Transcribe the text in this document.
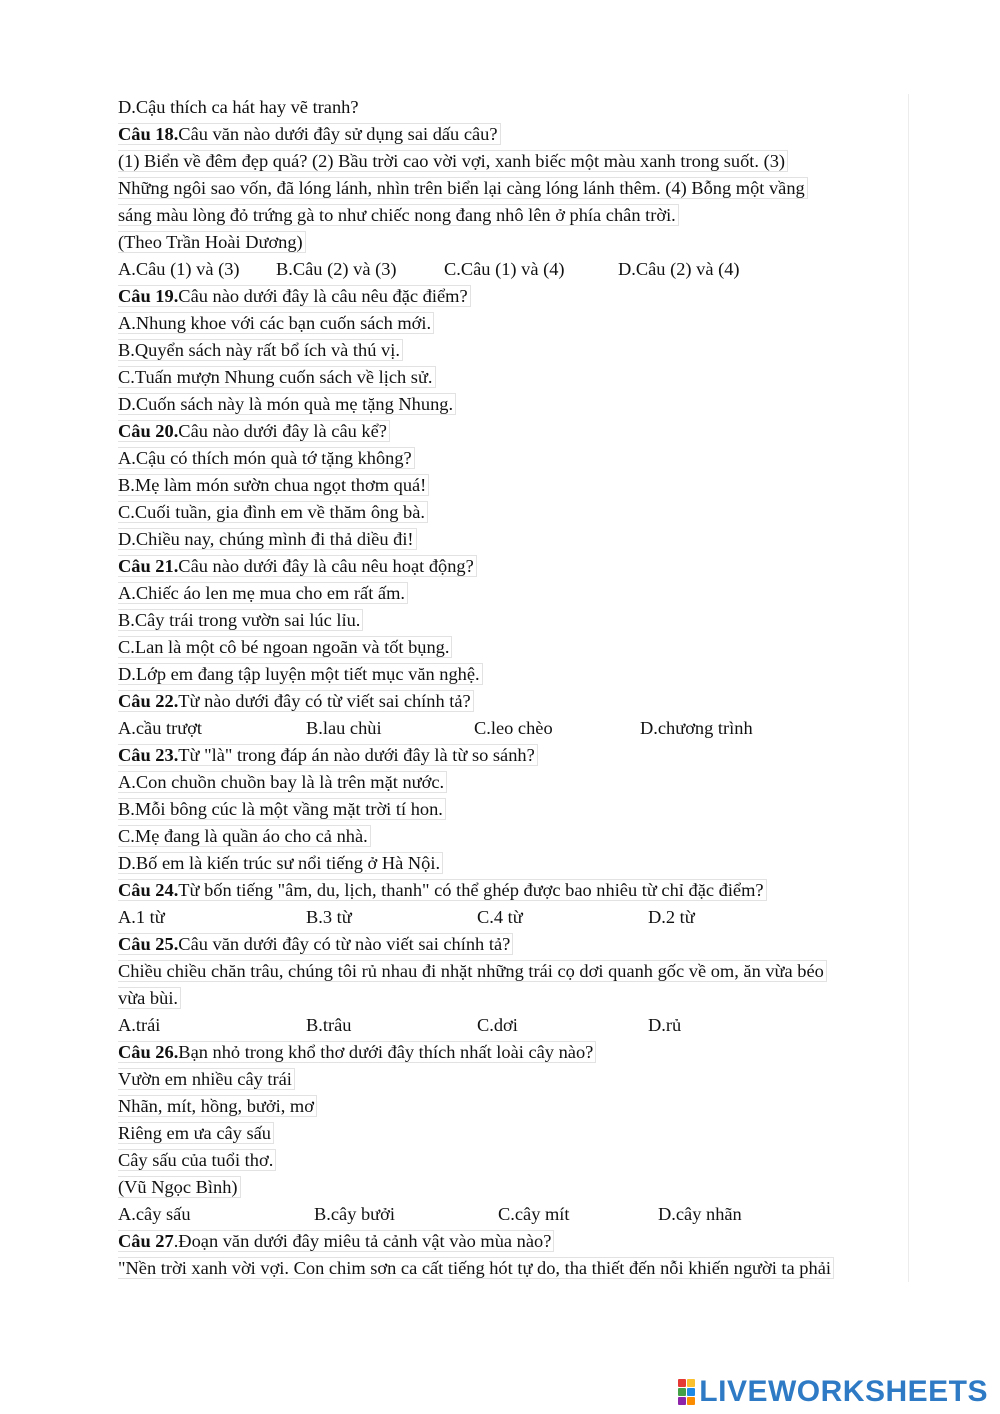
D.Cậu thích ca hát hay vẽ tranh?
Câu 18.Câu văn nào dưới đây sử dụng sai dấu câu?
(1) Biển về đêm đẹp quá? (2) Bầu trời cao vời vợi, xanh biếc một màu xanh trong suốt. (3)
Những ngôi sao vốn, đã lóng lánh, nhìn trên biển lại càng lóng lánh thêm. (4) Bỗng một vầng
sáng màu lòng đỏ trứng gà to như chiếc nong đang nhô lên ở phía chân trời.
(Theo Trần Hoài Dương)
A.Câu (1) và (3)	B.Câu (2) và (3)	C.Câu (1) và (4)	D.Câu (2) và (4)
Câu 19.Câu nào dưới đây là câu nêu đặc điểm?
A.Nhung khoe với các bạn cuốn sách mới.
B.Quyển sách này rất bổ ích và thú vị.
C.Tuấn mượn Nhung cuốn sách về lịch sử.
D.Cuốn sách này là món quà mẹ tặng Nhung.
Câu 20.Câu nào dưới đây là câu kể?
A.Cậu có thích món quà tớ tặng không?
B.Mẹ làm món sườn chua ngọt thơm quá!
C.Cuối tuần, gia đình em về thăm ông bà.
D.Chiều nay, chúng mình đi thả diều đi!
Câu 21.Câu nào dưới đây là câu nêu hoạt động?
A.Chiếc áo len mẹ mua cho em rất ấm.
B.Cây trái trong vườn sai lúc lỉu.
C.Lan là một cô bé ngoan ngoãn và tốt bụng.
D.Lớp em đang tập luyện một tiết mục văn nghệ.
Câu 22.Từ nào dưới đây có từ viết sai chính tả?
A.cầu trượt	B.lau chùi	C.leo chèo	D.chương trình
Câu 23.Từ "là" trong đáp án nào dưới đây là từ so sánh?
A.Con chuồn chuồn bay là là trên mặt nước.
B.Mỗi bông cúc là một vầng mặt trời tí hon.
C.Mẹ đang là quần áo cho cả nhà.
D.Bố em là kiến trúc sư nổi tiếng ở Hà Nội.
Câu 24.Từ bốn tiếng "âm, du, lịch, thanh" có thể ghép được bao nhiêu từ chỉ đặc điểm?
A.1 từ	B.3 từ	C.4 từ	D.2 từ
Câu 25.Câu văn dưới đây có từ nào viết sai chính tả?
Chiều chiều chăn trâu, chúng tôi rủ nhau đi nhặt những trái cọ dơi quanh gốc về om, ăn vừa béo
vừa bùi.
A.trái	B.trâu	C.dơi	D.rủ
Câu 26.Bạn nhỏ trong khổ thơ dưới đây thích nhất loài cây nào?
Vườn em nhiều cây trái
Nhãn, mít, hồng, bưởi, mơ
Riêng em ưa cây sấu
Cây sấu của tuổi thơ.
(Vũ Ngọc Bình)
A.cây sấu	B.cây bưởi	C.cây mít	D.cây nhãn
Câu 27.Đoạn văn dưới đây miêu tả cảnh vật vào mùa nào?
"Nền trời xanh vời vợi. Con chim sơn ca cất tiếng hót tự do, tha thiết đến nỗi khiến người ta phải
LIVEWORKSHEETS
